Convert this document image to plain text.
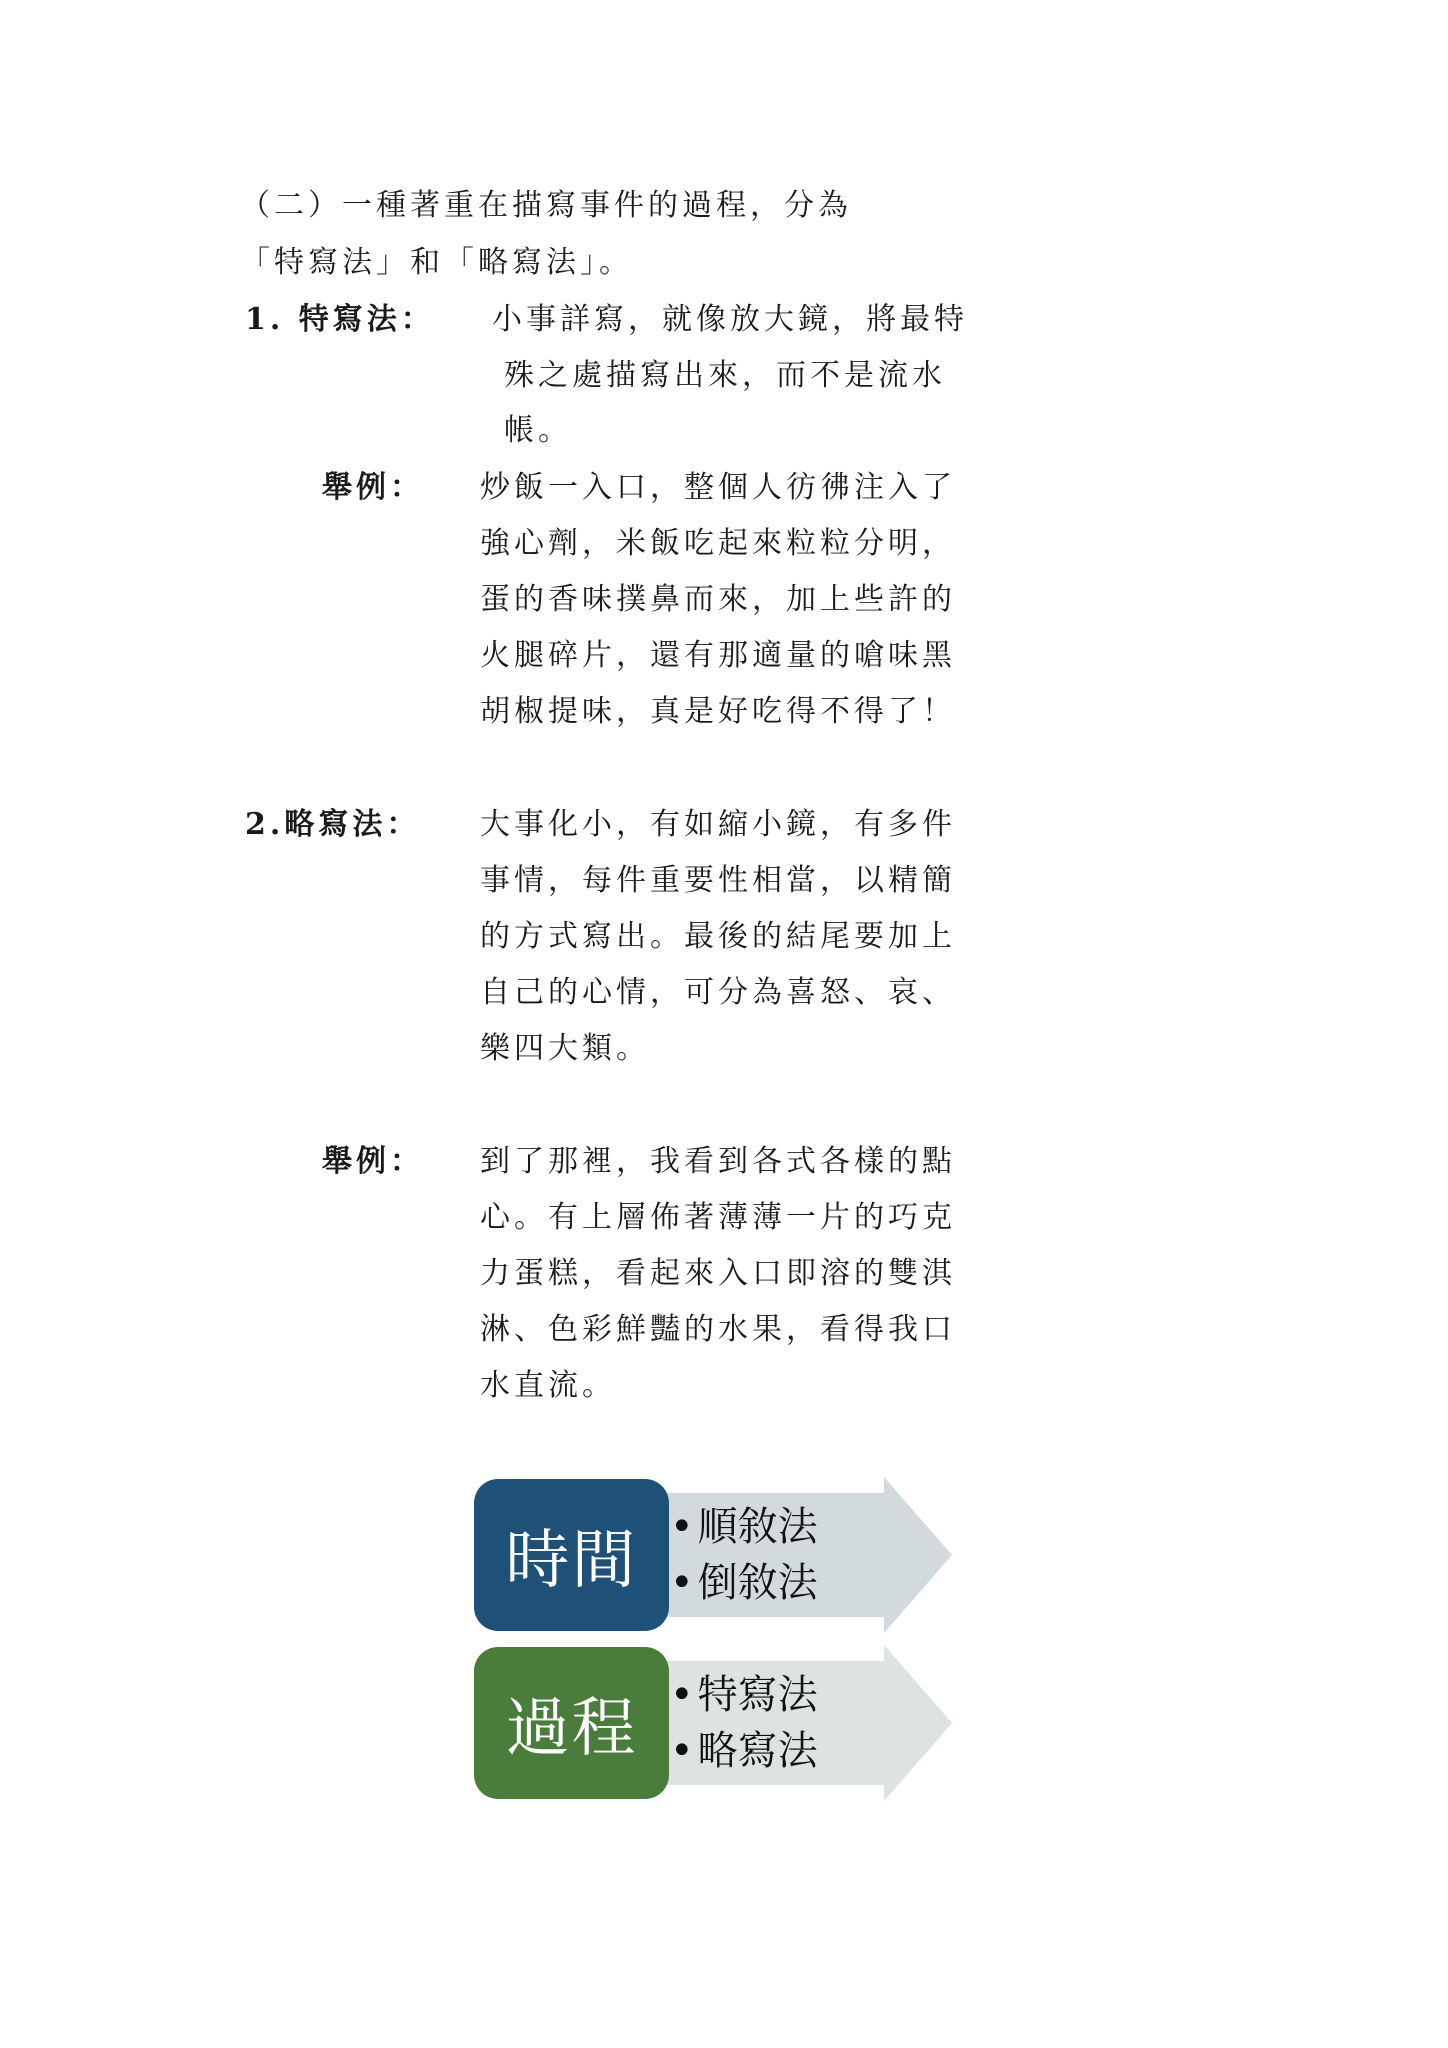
（二）一種著重在描寫事件的過程，分為
「特寫法」和「略寫法」。
1. 特寫法： 小事詳寫，就像放大鏡，將最特
殊之處描寫出來，而不是流水
帳。
舉例： 炒飯一入口，整個人彷彿注入了
強心劑，米飯吃起來粒粒分明，
蛋的香味撲鼻而來，加上些許的
火腿碎片，還有那適量的嗆味黑
胡椒提味，真是好吃得不得了！
2.略寫法： 大事化小，有如縮小鏡，有多件
事情，每件重要性相當，以精簡
的方式寫出。最後的結尾要加上
自己的心情，可分為喜怒、哀、
樂四大類。
舉例： 到了那裡，我看到各式各樣的點
心。有上層佈著薄薄一片的巧克
力蛋糕，看起來入口即溶的雙淇
淋、色彩鮮豔的水果，看得我口
水直流。
時間	• 順敘法
• 倒敘法
過程	• 特寫法
• 略寫法
